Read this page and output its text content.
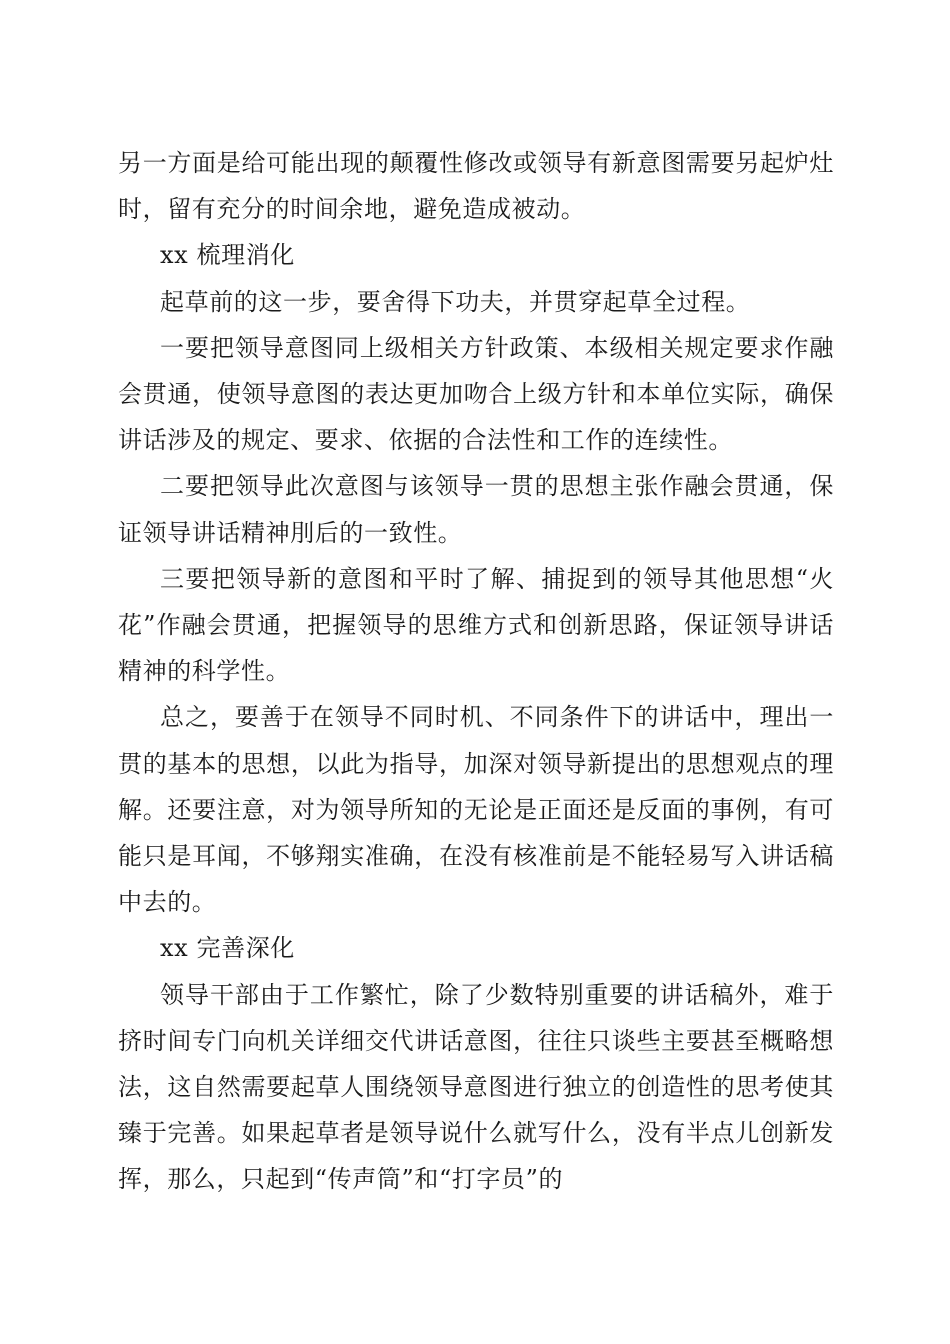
另一方面是给可能出现的颠覆性修改或领导有新意图需要另起炉灶时，留有充分的时间余地，避免造成被动。

xx 梳理消化

起草前的这一步，要舍得下功夫，并贯穿起草全过程。

一要把领导意图同上级相关方针政策、本级相关规定要求作融会贯通，使领导意图的表达更加吻合上级方针和本单位实际，确保讲话涉及的规定、要求、依据的合法性和工作的连续性。

二要把领导此次意图与该领导一贯的思想主张作融会贯通，保证领导讲话精神刖后的一致性。

三要把领导新的意图和平时了解、捕捉到的领导其他思想“火花”作融会贯通，把握领导的思维方式和创新思路，保证领导讲话精神的科学性。

总之，要善于在领导不同时机、不同条件下的讲话中，理出一贯的基本的思想，以此为指导，加深对领导新提出的思想观点的理解。还要注意，对为领导所知的无论是正面还是反面的事例，有可能只是耳闻，不够翔实准确，在没有核准前是不能轻易写入讲话稿中去的。

xx 完善深化

领导干部由于工作繁忙，除了少数特别重要的讲话稿外，难于挤时间专门向机关详细交代讲话意图，往往只谈些主要甚至概略想法，这自然需要起草人围绕领导意图进行独立的创造性的思考使其臻于完善。如果起草者是领导说什么就写什么，没有半点儿创新发挥，那么，只起到“传声筒”和“打字员”的
